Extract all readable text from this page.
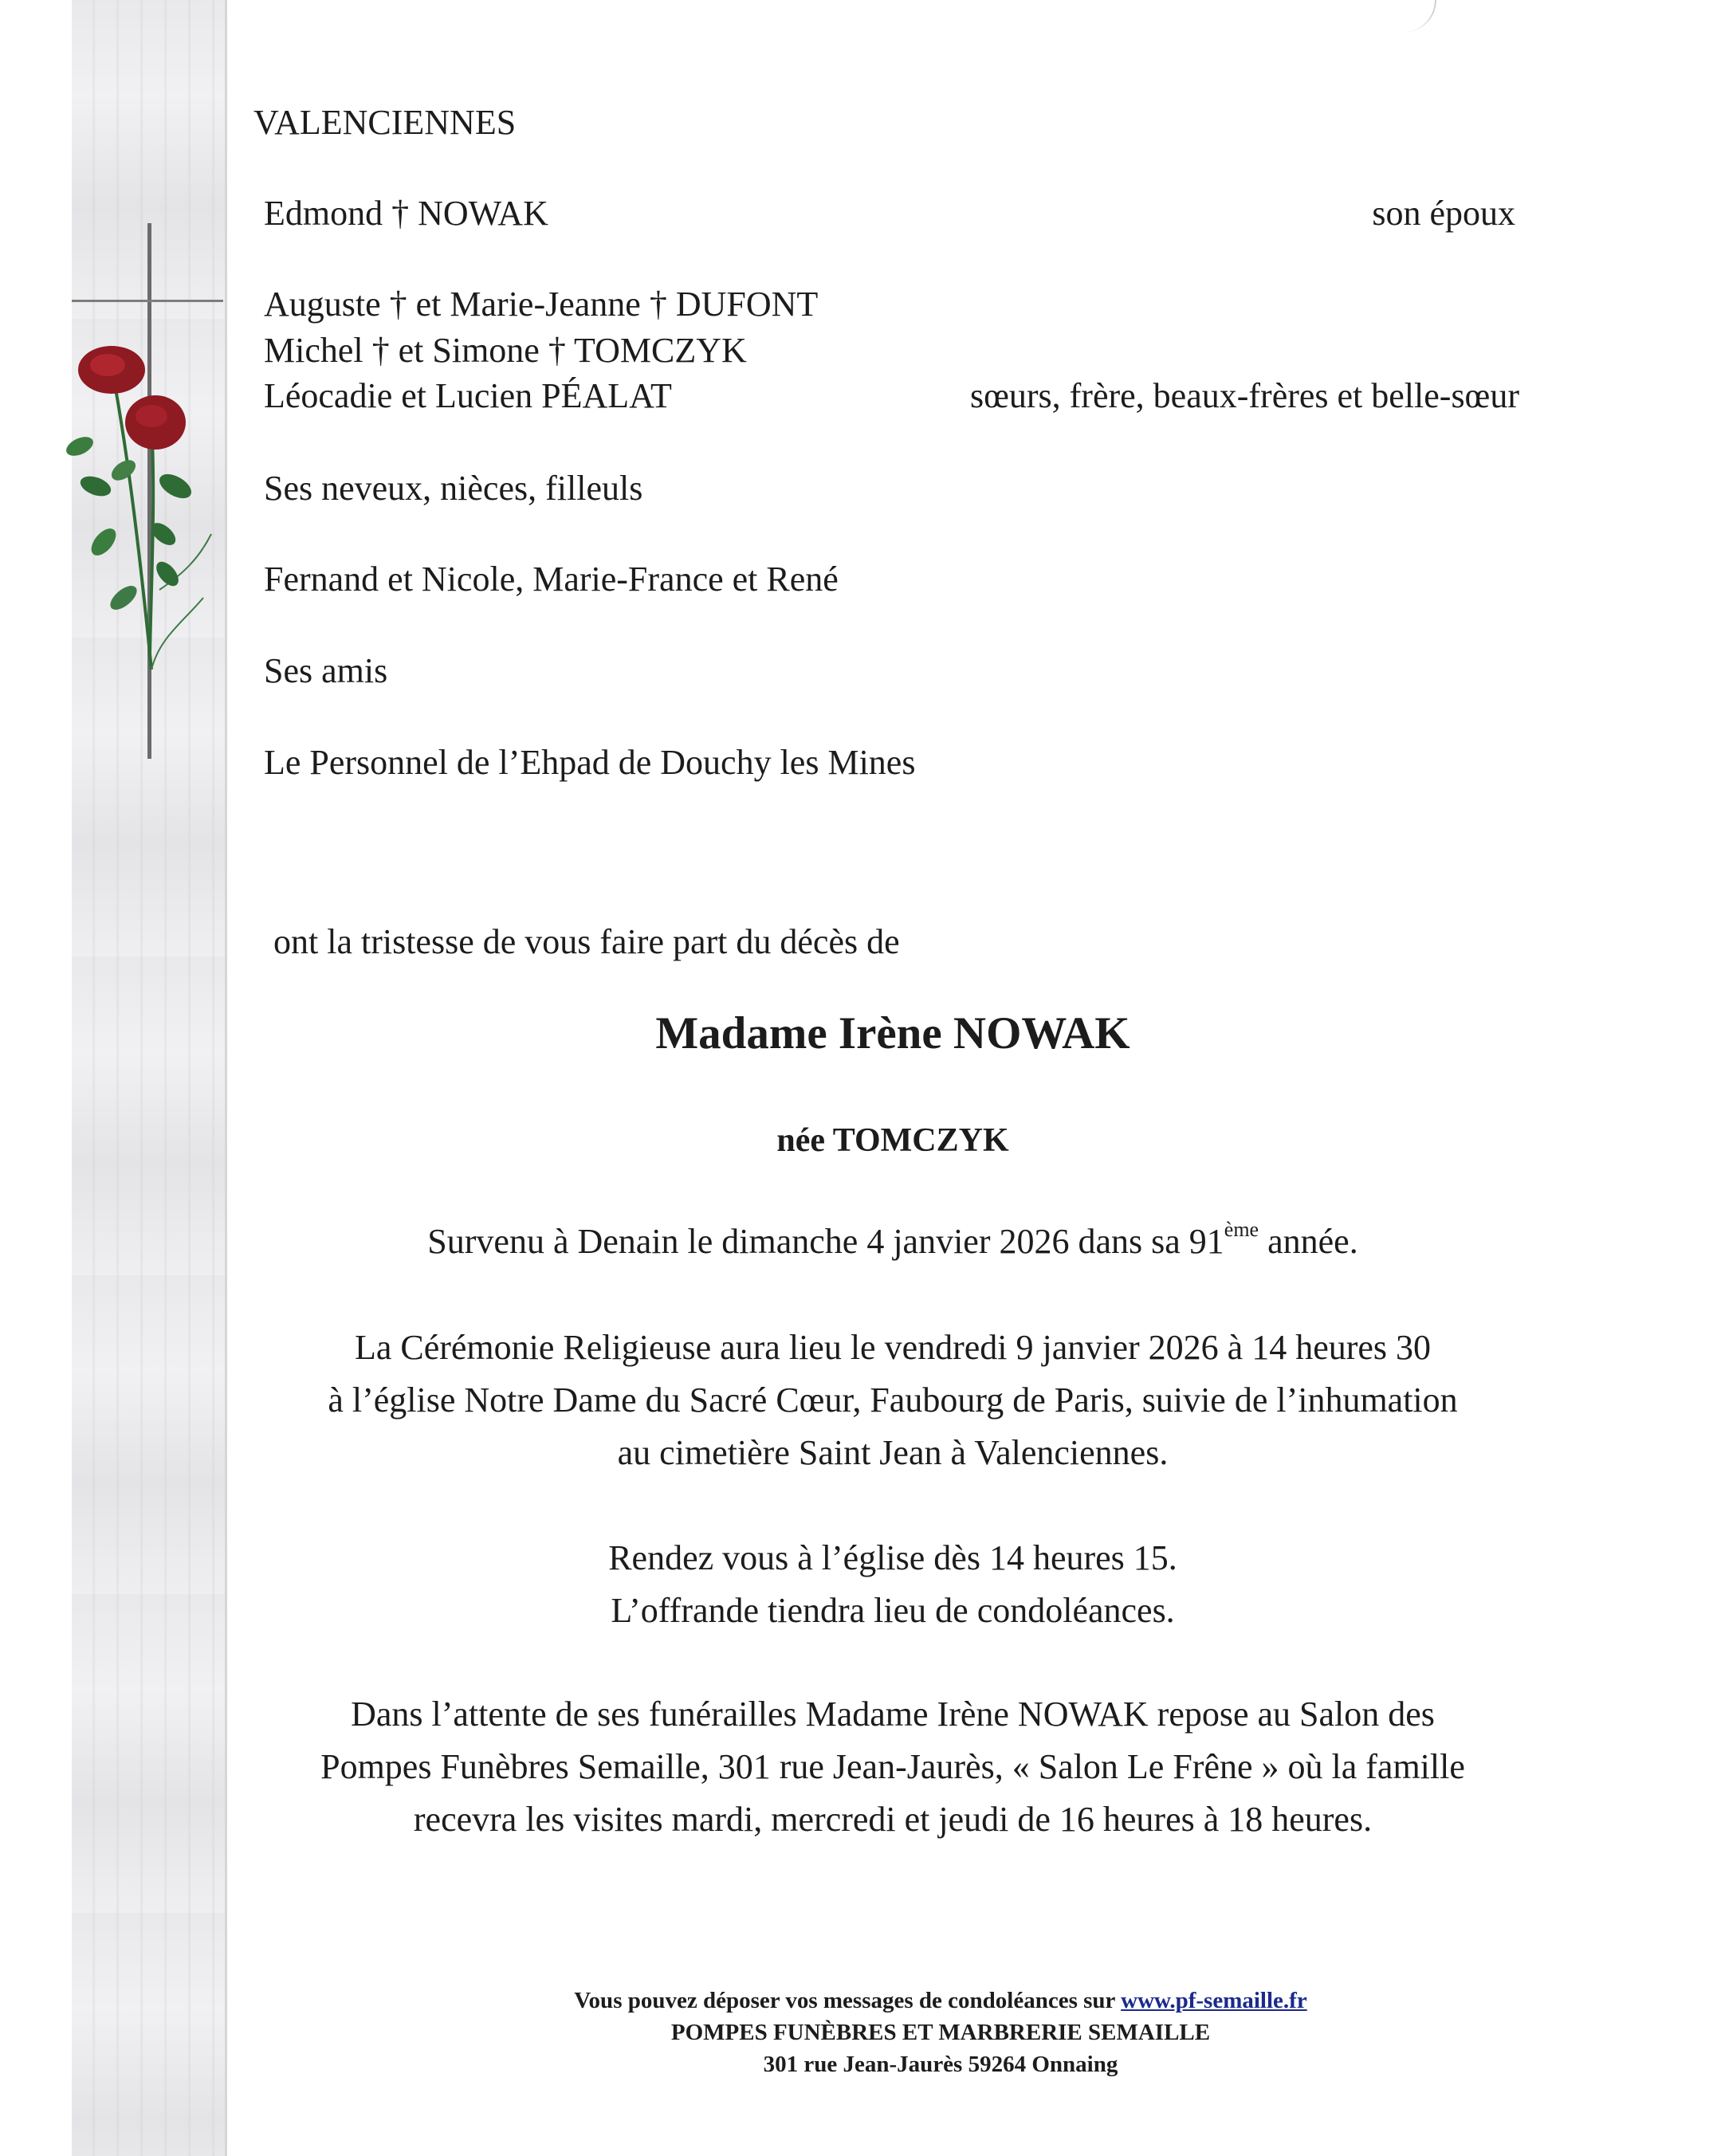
VALENCIENNES
Edmond † NOWAK	son époux
Auguste † et Marie-Jeanne † DUFONT
Michel † et Simone † TOMCZYK
Léocadie et Lucien PÉALAT	sœurs, frère, beaux-frères et belle-sœur
Ses neveux, nièces, filleuls
Fernand et Nicole, Marie-France et René
Ses amis
Le Personnel de l’Ehpad de Douchy les Mines
ont la tristesse de vous faire part du décès de
Madame Irène NOWAK
née TOMCZYK
Survenu à Denain le dimanche 4 janvier 2026 dans sa 91ème année.
La Cérémonie Religieuse aura lieu le vendredi 9 janvier 2026 à 14 heures 30
à l’église Notre Dame du Sacré Cœur, Faubourg de Paris, suivie de l’inhumation
au cimetière Saint Jean à Valenciennes.
Rendez vous à l’église dès 14 heures 15.
L’offrande tiendra lieu de condoléances.
Dans l’attente de ses funérailles Madame Irène NOWAK repose au Salon des
Pompes Funèbres Semaille, 301 rue Jean-Jaurès, « Salon Le Frêne » où la famille
recevra les visites mardi, mercredi et jeudi de 16 heures à 18 heures.
Vous pouvez déposer vos messages de condoléances sur www.pf-semaille.fr
POMPES FUNÈBRES ET MARBRERIE SEMAILLE
301 rue Jean-Jaurès 59264 Onnaing
